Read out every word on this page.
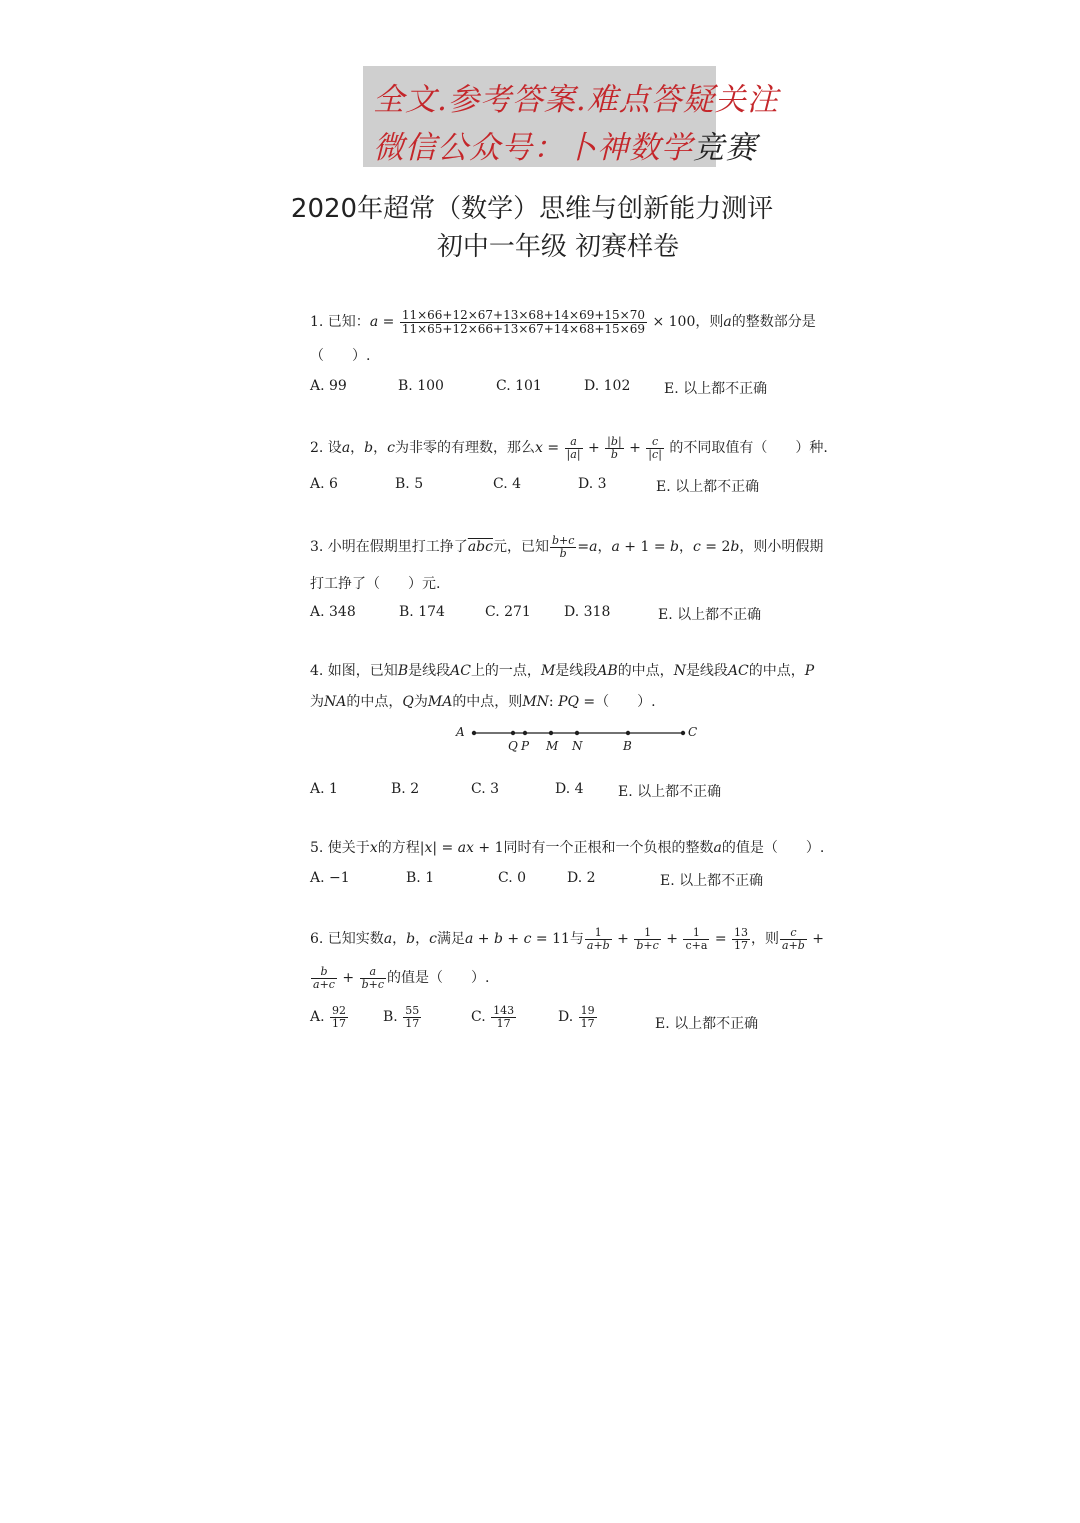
全文.参考答案.难点答疑关注
微信公众号：卜神数学竞赛
2020年超常（数学）思维与创新能力测评
初中一年级 初赛样卷
1. 已知：$a = \frac{11\times 66+12\times 67+13\times 68+14\times 69+15\times 70}{11\times 65+12\times 66+13\times 67+14\times 68+15\times 69} \times 100$，则a的整数部分是
（　　）.
A. 99	B. 100	C. 101	D. 102 E. 以上都不正确
2. 设a，b，c为非零的有理数，那么$x = \frac{a}{|a|} + \frac{|b|}{b} + \frac{c}{|c|}$ 的不同取值有（　　）种.
A. 6	B. 5	C. 4	D. 3	E. 以上都不正确
3. 小明在假期里打工挣了$\overline{abc}$元，已知 $\frac{b+c}{b} =a$，a + 1 = b，c = 2b，则小明假期
打工挣了（　　）元.
A. 348	B. 174	C. 271 D. 318	E. 以上都不正确
4. 如图，已知B是线段AC上的一点，M是线段AB的中点，N是线段AC的中点，P
为NA的中点，Q为MA的中点，则MN: PQ =（　　）.
A
Q P M N	B
C
A. 1	B. 2	C. 3	D. 4 E. 以上都不正确
5. 使关于x的方程|x| = ax + 1同时有一个正根和一个负根的整数a的值是（　　）.
A. −1	B. 1	C. 0	D. 2	E. 以上都不正确
6. 已知实数a，b，c满足a + b + c = 11与 $\frac{1}{a+b} + \frac{1}{b+c} + \frac{1}{c+a} = \frac{13}{17}$ ，则 $\frac{c}{a+b}$ +
$\frac{b}{a+c} + \frac{a}{b+c}$ 的值是（　　）.
A. $\frac{92}{17} B$. $\frac{55}{17}$	C. $\frac{143}{17}$	D. $\frac{19}{17}$	E. 以上都不正确
